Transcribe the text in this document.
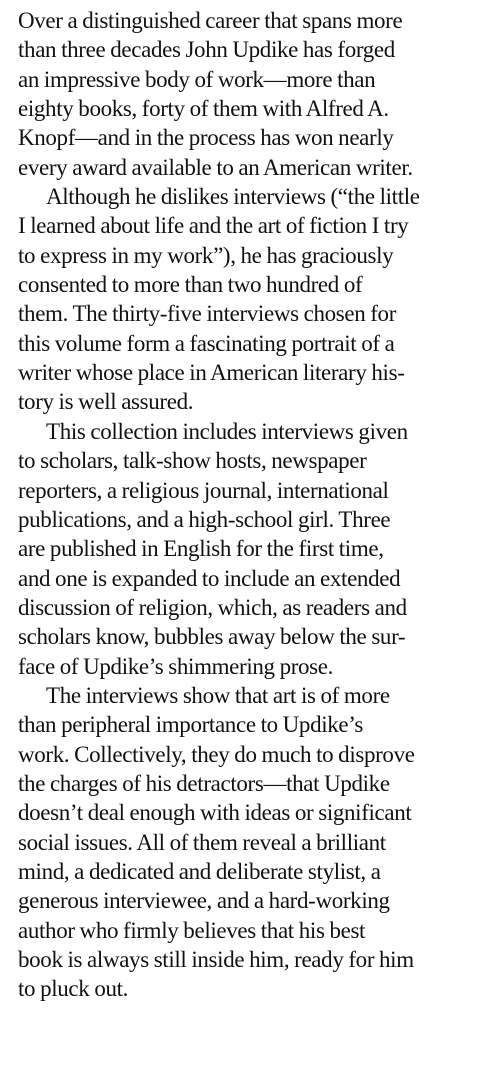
Over a distinguished career that spans more
than three decades John Updike has forged
an impressive body of work—more than
eighty books, forty of them with Alfred A.
Knopf—and in the process has won nearly
every award available to an American writer.

Although he dislikes interviews (“the little
I learned about life and the art of fiction I try
to express in my work”), he has graciously
consented to more than two hundred of
them. The thirty-five interviews chosen for
this volume form a fascinating portrait of a
writer whose place in American literary his-
tory is well assured.

This collection includes interviews given
to scholars, talk-show hosts, newspaper
reporters, a religious journal, international
publications, and a high-school girl. Three
are published in English for the first time,
and one is expanded to include an extended
discussion of religion, which, as readers and
scholars know, bubbles away below the sur-
face of Updike’s shimmering prose.

The interviews show that art is of more
than peripheral importance to Updike’s
work. Collectively, they do much to disprove
the charges of his detractors—that Updike
doesn’t deal enough with ideas or significant
social issues. All of them reveal a brilliant
mind, a dedicated and deliberate stylist, a
generous interviewee, and a hard-working
author who firmly believes that his best
book is always still inside him, ready for him
to pluck out.
